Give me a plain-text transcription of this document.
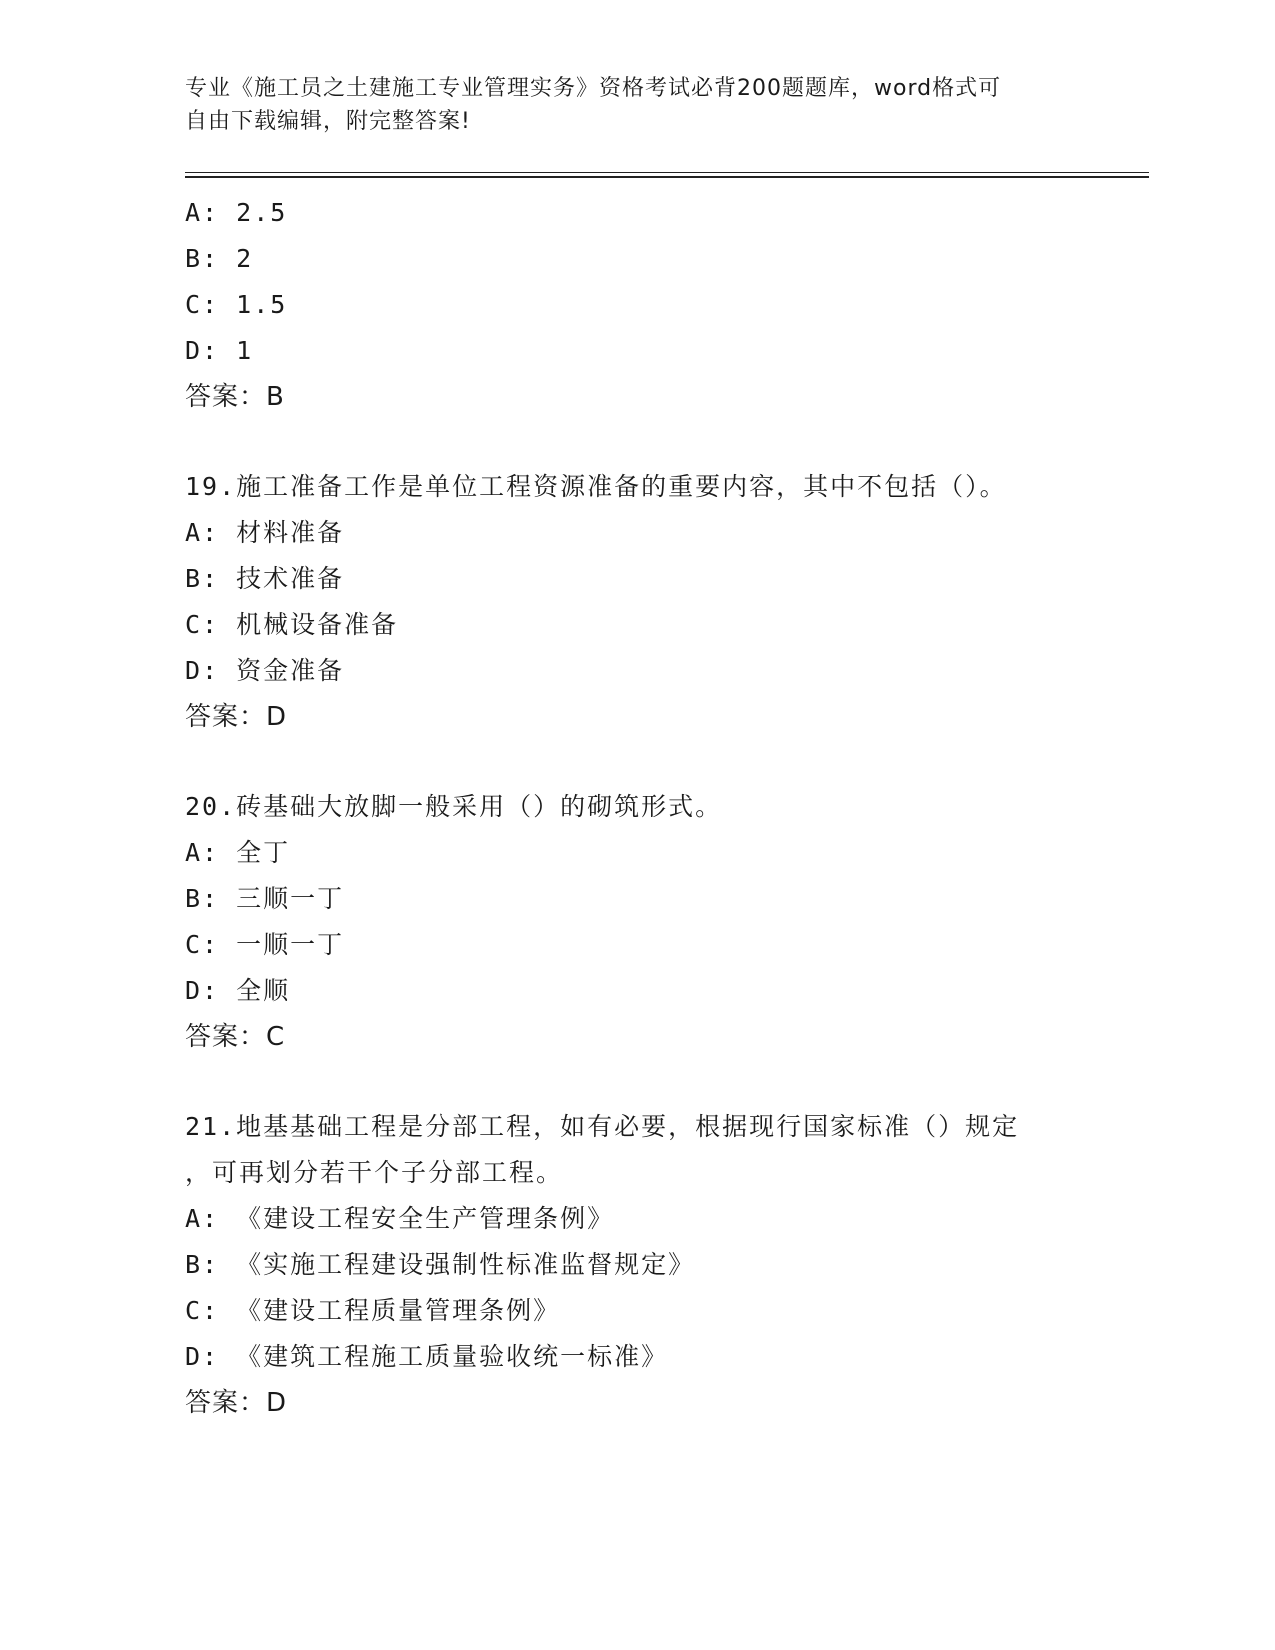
专业《施工员之土建施工专业管理实务》资格考试必背200题题库，word格式可
自由下载编辑，附完整答案!
A: 2.5
B: 2
C: 1.5
D: 1
答案：B
19.施工准备工作是单位工程资源准备的重要内容，其中不包括（）。
A: 材料准备
B: 技术准备
C: 机械设备准备
D: 资金准备
答案：D
20.砖基础大放脚一般采用（）的砌筑形式。
A: 全丁
B: 三顺一丁
C: 一顺一丁
D: 全顺
答案：C
21.地基基础工程是分部工程，如有必要，根据现行国家标准（）规定
，可再划分若干个子分部工程。
A: 《建设工程安全生产管理条例》
B: 《实施工程建设强制性标准监督规定》
C: 《建设工程质量管理条例》
D: 《建筑工程施工质量验收统一标准》
答案：D
